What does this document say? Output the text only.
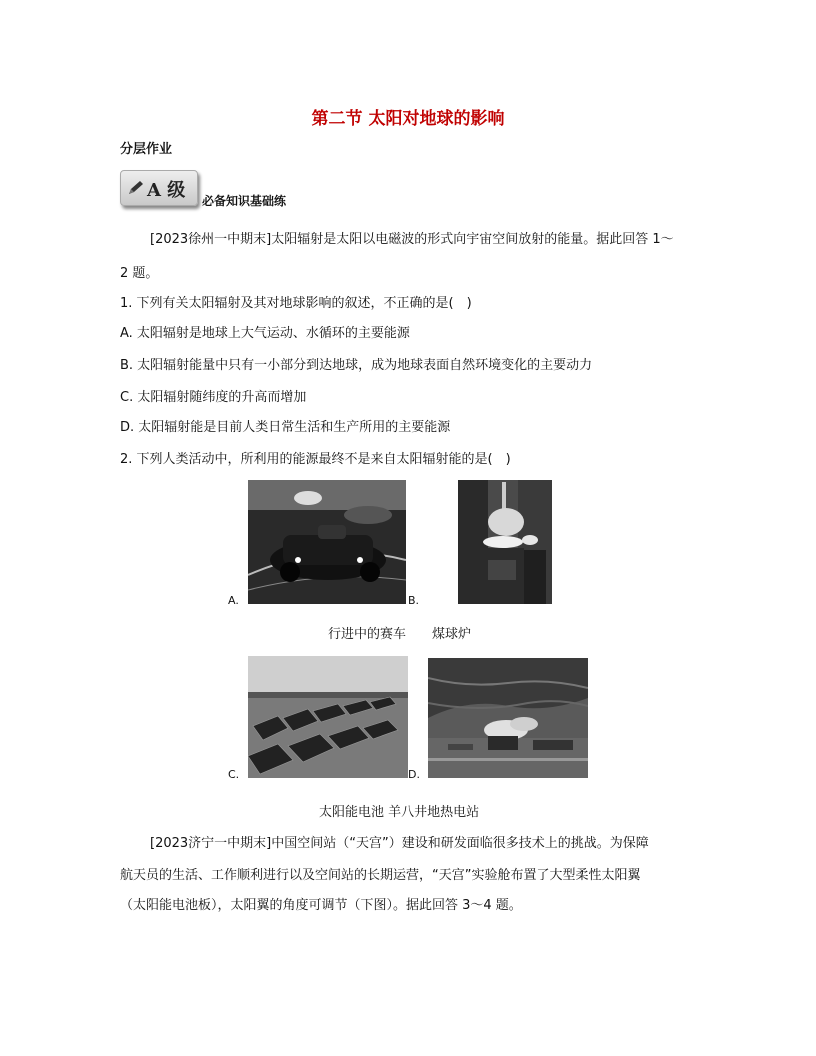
第二节 太阳对地球的影响
分层作业
A 级 必备知识基础练
[2023徐州一中期末]太阳辐射是太阳以电磁波的形式向宇宙空间放射的能量。据此回答 1～
2 题。
1. 下列有关太阳辐射及其对地球影响的叙述，不正确的是(　)
A. 太阳辐射是地球上大气运动、水循环的主要能源
B. 太阳辐射能量中只有一小部分到达地球，成为地球表面自然环境变化的主要动力
C. 太阳辐射随纬度的升高而增加
D. 太阳辐射能是目前人类日常生活和生产所用的主要能源
2. 下列人类活动中，所利用的能源最终不是来自太阳辐射能的是(　)
A.	B.
行进中的赛车　　煤球炉
C.	D.
太阳能电池 羊八井地热电站
[2023济宁一中期末]中国空间站（“天宫”）建设和研发面临很多技术上的挑战。为保障
航天员的生活、工作顺利进行以及空间站的长期运营，“天宫”实验舱布置了大型柔性太阳翼
（太阳能电池板），太阳翼的角度可调节（下图）。据此回答 3～4 题。
